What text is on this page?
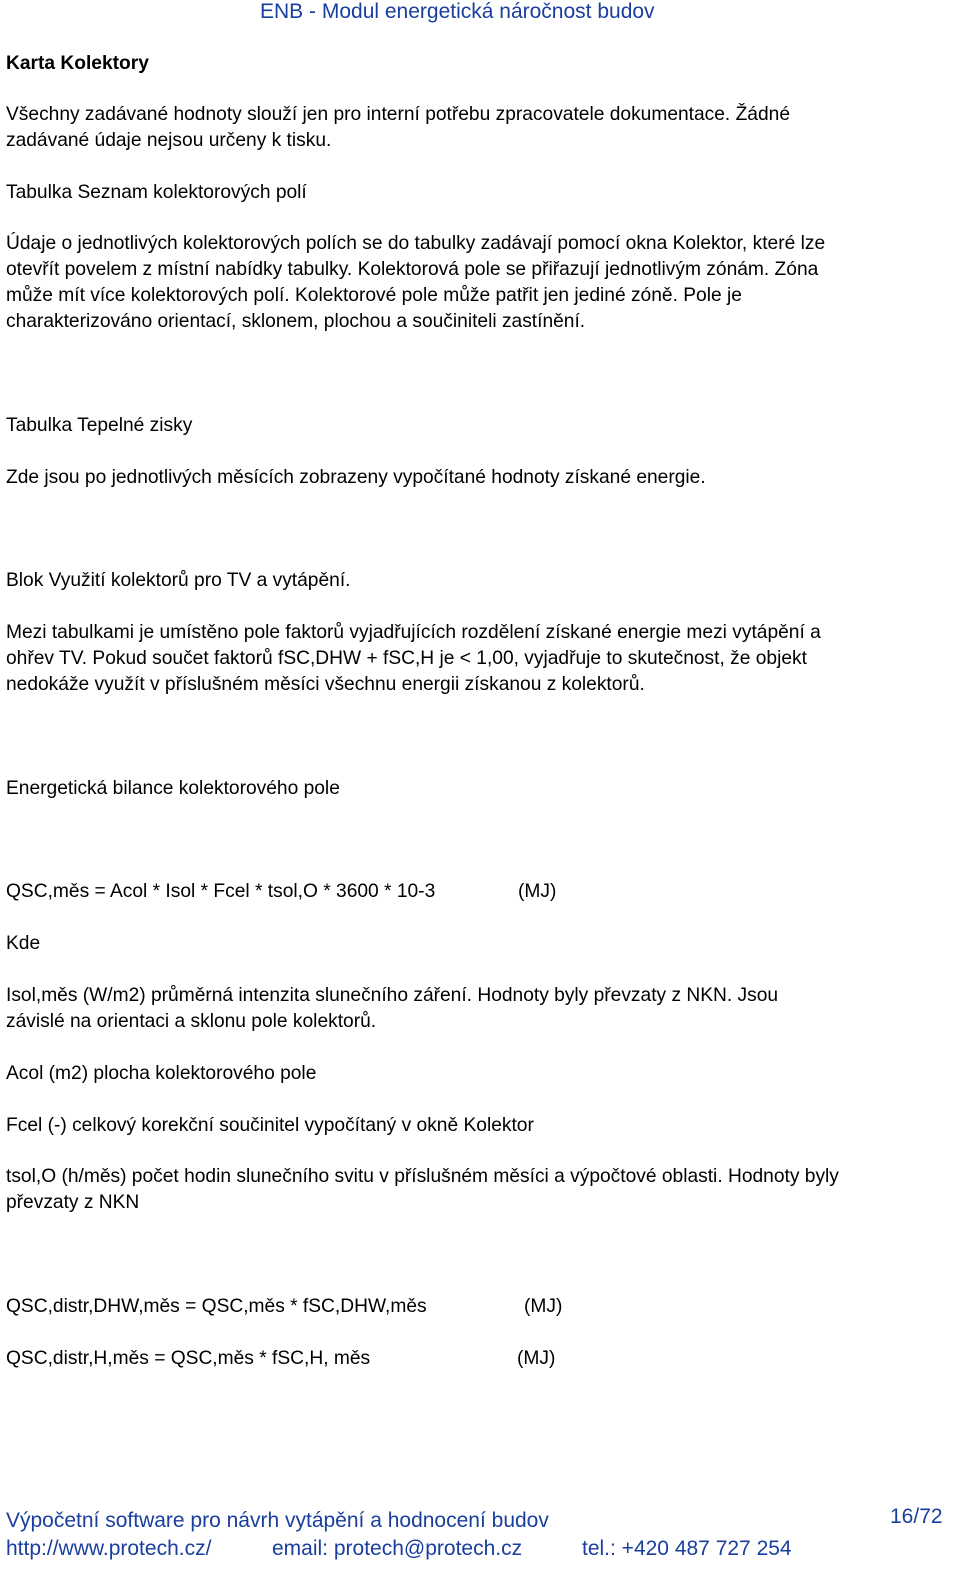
ENB - Modul energetická náročnost budov
Karta Kolektory
Všechny zadávané hodnoty slouží jen pro interní potřebu zpracovatele dokumentace. Žádné
zadávané údaje nejsou určeny k tisku.
Tabulka Seznam kolektorových polí
Údaje o jednotlivých kolektorových polích se do tabulky zadávají pomocí okna Kolektor, které lze
otevřít povelem z místní nabídky tabulky. Kolektorová pole se přiřazují jednotlivým zónám. Zóna
může mít více kolektorových polí. Kolektorové pole může patřit jen jediné zóně. Pole je
charakterizováno orientací, sklonem, plochou a součiniteli zastínění.
Tabulka Tepelné zisky
Zde jsou po jednotlivých měsících zobrazeny vypočítané hodnoty získané energie.
Blok Využití kolektorů pro TV a vytápění.
Mezi tabulkami je umístěno pole faktorů vyjadřujících rozdělení získané energie mezi vytápění a
ohřev TV. Pokud součet faktorů fSC,DHW + fSC,H je < 1,00, vyjadřuje to skutečnost, že objekt
nedokáže využít v příslušném měsíci všechnu energii získanou z kolektorů.
Energetická bilance kolektorového pole
QSC,měs = Acol * Isol * Fcel * tsol,O * 3600 * 10-3	(MJ)
Kde
Isol,měs (W/m2) průměrná intenzita slunečního záření. Hodnoty byly převzaty z NKN. Jsou
závislé na orientaci a sklonu pole kolektorů.
Acol (m2) plocha kolektorového pole
Fcel (-) celkový korekční součinitel vypočítaný v okně Kolektor
tsol,O (h/měs) počet hodin slunečního svitu v příslušném měsíci a výpočtové oblasti. Hodnoty byly
převzaty z NKN
QSC,distr,DHW,měs = QSC,měs * fSC,DHW,měs	(MJ)
QSC,distr,H,měs = QSC,měs * fSC,H, měs	(MJ)
Výpočetní software pro návrh vytápění a hodnocení budov	16/72
http://www.protech.cz/	email: protech@protech.cz	tel.: +420 487 727 254
